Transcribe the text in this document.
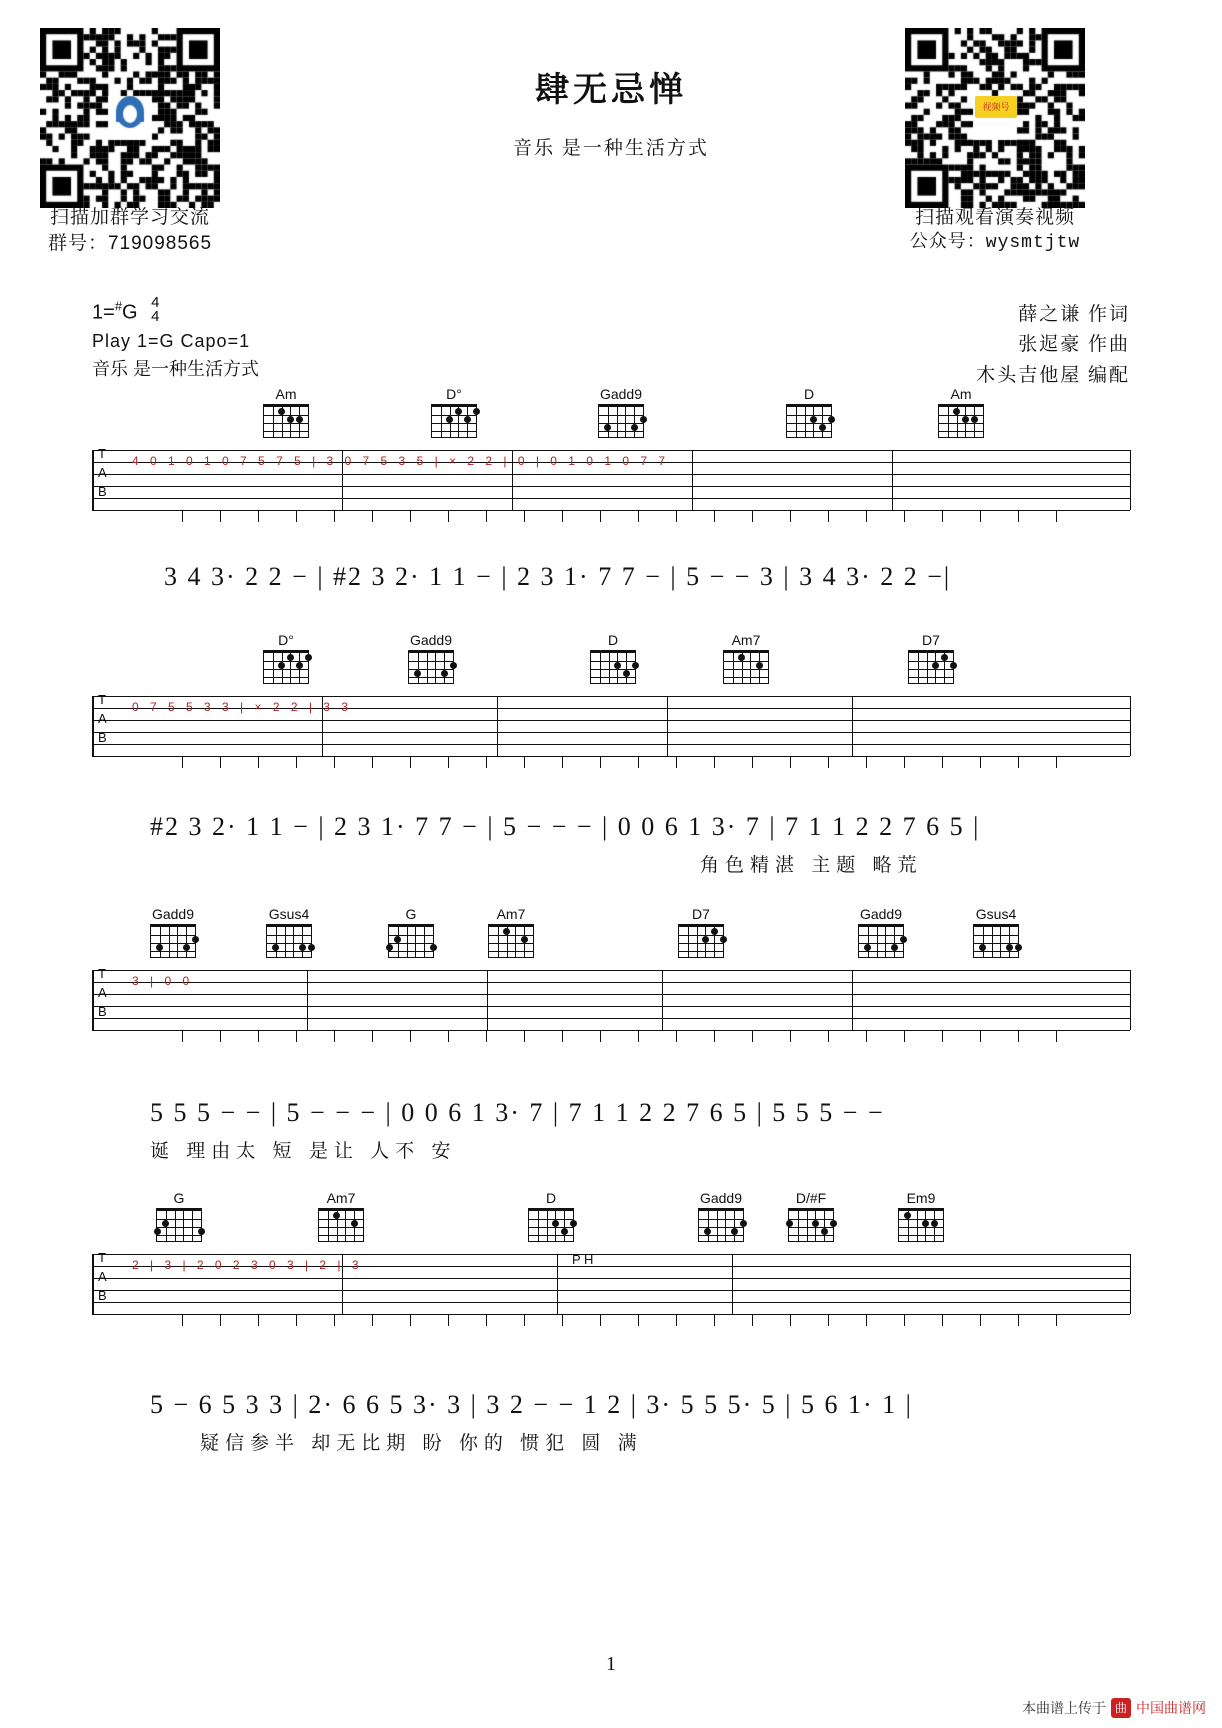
扫描加群学习交流
群号：719098565
视频号
扫描观看演奏视频
公众号：wysmtjtw
肆无忌惮
音乐 是一种生活方式
1=#G 4
4
Play 1=G Capo=1
音乐 是一种生活方式
薛之谦 作词
张迡豪 作曲
木头吉他屋 编配
Am	D°	Gadd9	D	Am
T
A
B
4 0 1 0 1 0 7 5 7 5 | 3 0 7 5 3 5 | × 2 2 | 0 | 0 1 0 1 0 7 7
3 4 3· 2 2 − | #2 3 2· 1 1 − | 2 3 1· 7 7 − | 5 − − 3 | 3 4 3· 2 2 −|
D°	Gadd9	D	Am7	D7
T
A
B
0 7 5 5 3 3 | × 2 2 | 3 3
#2 3 2· 1 1 − | 2 3 1· 7 7 − | 5 − − − | 0 0 6 1 3· 7 | 7 1 1 2 2 7 6 5 |
角色精湛 主题 略荒
Gadd9	Gsus4	G	Am7	D7	Gadd9	Gsus4
T
A
B
3 | 0 0
5 5 5 − − | 5 − − − | 0 0 6 1 3· 7 | 7 1 1 2 2 7 6 5 | 5 5 5 − −
诞 理由太 短 是让 人不 安
G	Am7	D	Gadd9	D/#F	Em9
T
A
B
2 | 3 | 2 0 2 3 0 3 | 2 | 3	P H
5 − 6 5 3 3 | 2· 6 6 5 3· 3 | 3 2 − − 1 2 | 3· 5 5 5· 5 | 5 6 1· 1 |
疑信参半 却无比期 盼 你的 惯犯 圆 满
1
本曲谱上传于 曲 中国曲谱网
